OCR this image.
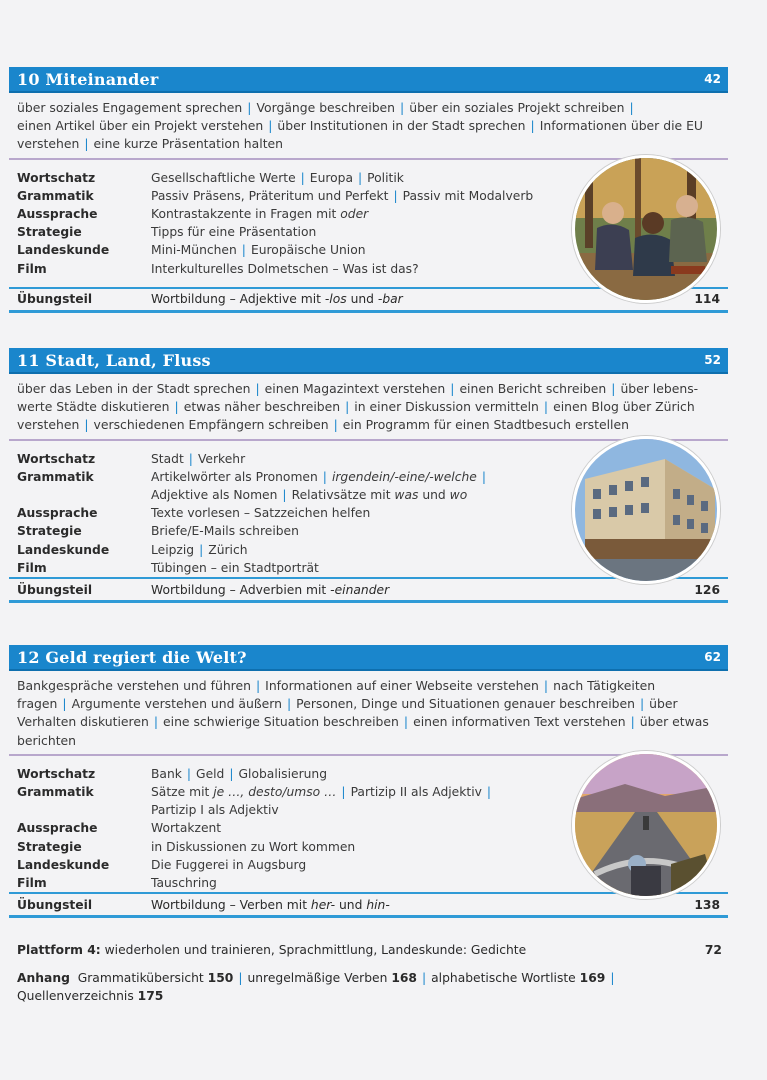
10 Miteinander	42
über soziales Engagement sprechen | Vorgänge beschreiben | über ein soziales Projekt schreiben |
einen Artikel über ein Projekt verstehen | über Institutionen in der Stadt sprechen | Informationen über die EU verstehen | eine kurze Präsentation halten
Wortschatz	Gesellschaftliche Werte | Europa | Politik
Grammatik	Passiv Präsens, Präteritum und Perfekt | Passiv mit Modalverb
Aussprache	Kontrastakzente in Fragen mit oder
Strategie	Tipps für eine Präsentation
Landeskunde	Mini-München | Europäische Union
Film	Interkulturelles Dolmetschen – Was ist das?
Übungsteil	Wortbildung – Adjektive mit -los und -bar	114
11 Stadt, Land, Fluss	52
über das Leben in der Stadt sprechen | einen Magazintext verstehen | einen Bericht schreiben | über lebens-werte Städte diskutieren | etwas näher beschreiben | in einer Diskussion vermitteln | einen Blog über Zürich verstehen | verschiedenen Empfängern schreiben | ein Programm für einen Stadtbesuch erstellen
Wortschatz	Stadt | Verkehr
Grammatik	Artikelwörter als Pronomen | irgendein/-eine/-welche |
Adjektive als Nomen | Relativsätze mit was und wo
Aussprache	Texte vorlesen – Satzzeichen helfen
Strategie	Briefe/E-Mails schreiben
Landeskunde	Leipzig | Zürich
Film	Tübingen – ein Stadtporträt
Übungsteil	Wortbildung – Adverbien mit -einander	126
12 Geld regiert die Welt?	62
Bankgespräche verstehen und führen | Informationen auf einer Webseite verstehen | nach Tätigkeiten fragen | Argumente verstehen und äußern | Personen, Dinge und Situationen genauer beschreiben | über Verhalten diskutieren | eine schwierige Situation beschreiben | einen informativen Text verstehen | über etwas berichten
Wortschatz	Bank | Geld | Globalisierung
Grammatik	Sätze mit je …, desto/umso … | Partizip II als Adjektiv |
Partizip I als Adjektiv
Aussprache	Wortakzent
Strategie	in Diskussionen zu Wort kommen
Landeskunde	Die Fuggerei in Augsburg
Film	Tauschring
Übungsteil	Wortbildung – Verben mit her- und hin-	138
Plattform 4: wiederholen und trainieren, Sprachmittlung, Landeskunde: Gedichte	72
Anhang Grammatikübersicht 150 | unregelmäßige Verben 168 | alphabetische Wortliste 169 |
Quellenverzeichnis 175
